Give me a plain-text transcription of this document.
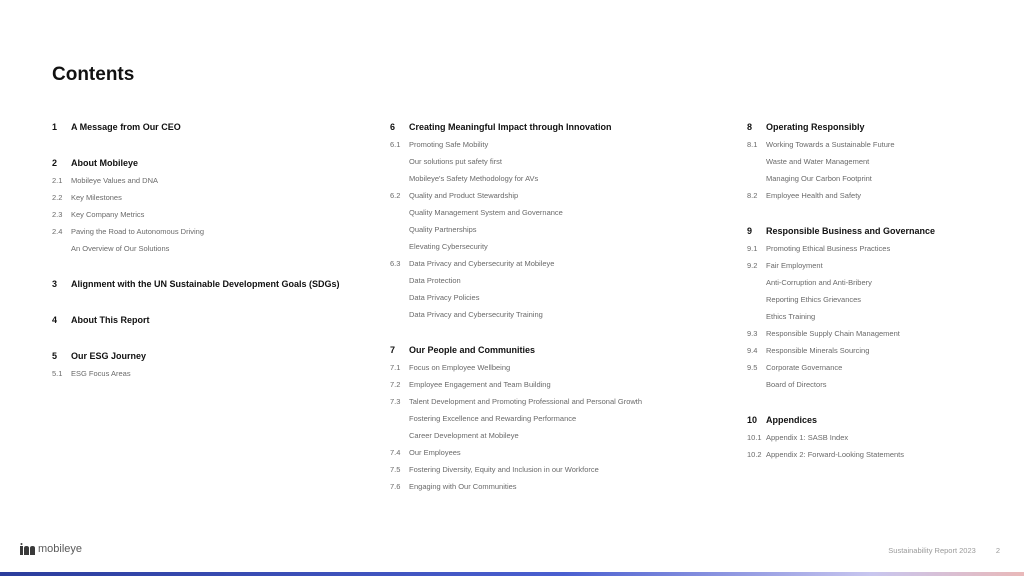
Contents
1 A Message from Our CEO
2 About Mobileye
2.1 Mobileye Values and DNA
2.2 Key Milestones
2.3 Key Company Metrics
2.4 Paving the Road to Autonomous Driving
An Overview of Our Solutions
3 Alignment with the UN Sustainable Development Goals (SDGs)
4 About This Report
5 Our ESG Journey
5.1 ESG Focus Areas
6 Creating Meaningful Impact through Innovation
6.1 Promoting Safe Mobility
Our solutions put safety first
Mobileye's Safety Methodology for AVs
6.2 Quality and Product Stewardship
Quality Management System and Governance
Quality Partnerships
Elevating Cybersecurity
6.3 Data Privacy and Cybersecurity at Mobileye
Data Protection
Data Privacy Policies
Data Privacy and Cybersecurity Training
7 Our People and Communities
7.1 Focus on Employee Wellbeing
7.2 Employee Engagement and Team Building
7.3 Talent Development and Promoting Professional and Personal Growth
Fostering Excellence and Rewarding Performance
Career Development at Mobileye
7.4 Our Employees
7.5 Fostering Diversity, Equity and Inclusion in our Workforce
7.6 Engaging with Our Communities
8 Operating Responsibly
8.1 Working Towards a Sustainable Future
Waste and Water Management
Managing Our Carbon Footprint
8.2 Employee Health and Safety
9 Responsible Business and Governance
9.1 Promoting Ethical Business Practices
9.2 Fair Employment
Anti-Corruption and Anti-Bribery
Reporting Ethics Grievances
Ethics Training
9.3 Responsible Supply Chain Management
9.4 Responsible Minerals Sourcing
9.5 Corporate Governance
Board of Directors
10 Appendices
10.1 Appendix 1: SASB Index
10.2 Appendix 2: Forward-Looking Statements
mobileye	Sustainability Report 2023	2
